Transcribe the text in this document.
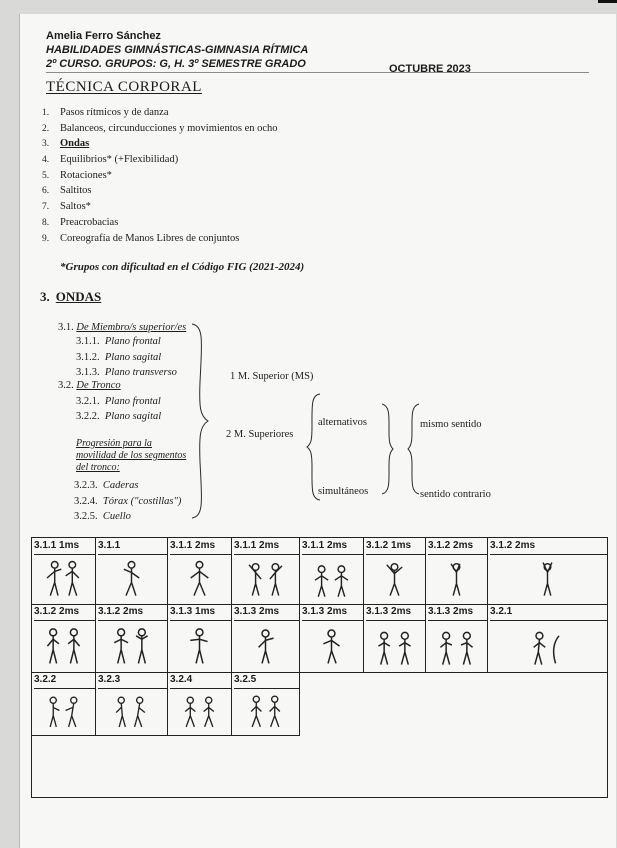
Amelia Ferro Sánchez
HABILIDADES GIMNÁSTICAS-GIMNASIA RÍTMICA
2º CURSO. GRUPOS: G, H. 3º SEMESTRE GRADO	OCTUBRE 2023
TÉCNICA CORPORAL
1. Pasos rítmicos y de danza
2. Balanceos, circunducciones y movimientos en ocho
3. Ondas
4. Equilibrios* (+Flexibilidad)
5. Rotaciones*
6. Saltitos
7. Saltos*
8. Preacrobacias
9. Coreografía de Manos Libres de conjuntos
*Grupos con dificultad en el Código FIG (2021-2024)
3. ONDAS
3.1. De Miembro/s superior/es
3.1.1. Plano frontal
3.1.2. Plano sagital
3.1.3. Plano transverso
3.2. De Tronco
3.2.1. Plano frontal
3.2.2. Plano sagital
Progresión para la
movilidad de los segmentos
del tronco:
3.2.3. Caderas
3.2.4. Tórax ("costillas")
3.2.5. Cuello
1 M. Superior (MS)
2 M. Superiores
alternativos
simultáneos
mismo sentido
sentido contrario
3.1.1 1ms	3.1.1	3.1.1 2ms	3.1.1 2ms	3.1.1 2ms	3.1.2 1ms	3.1.2 2ms	3.1.2 2ms
3.1.2 2ms	3.1.2 2ms	3.1.3 1ms	3.1.3 2ms	3.1.3 2ms	3.1.3 2ms	3.1.3 2ms	3.2.1
3.2.2	3.2.3	3.2.4	3.2.5
